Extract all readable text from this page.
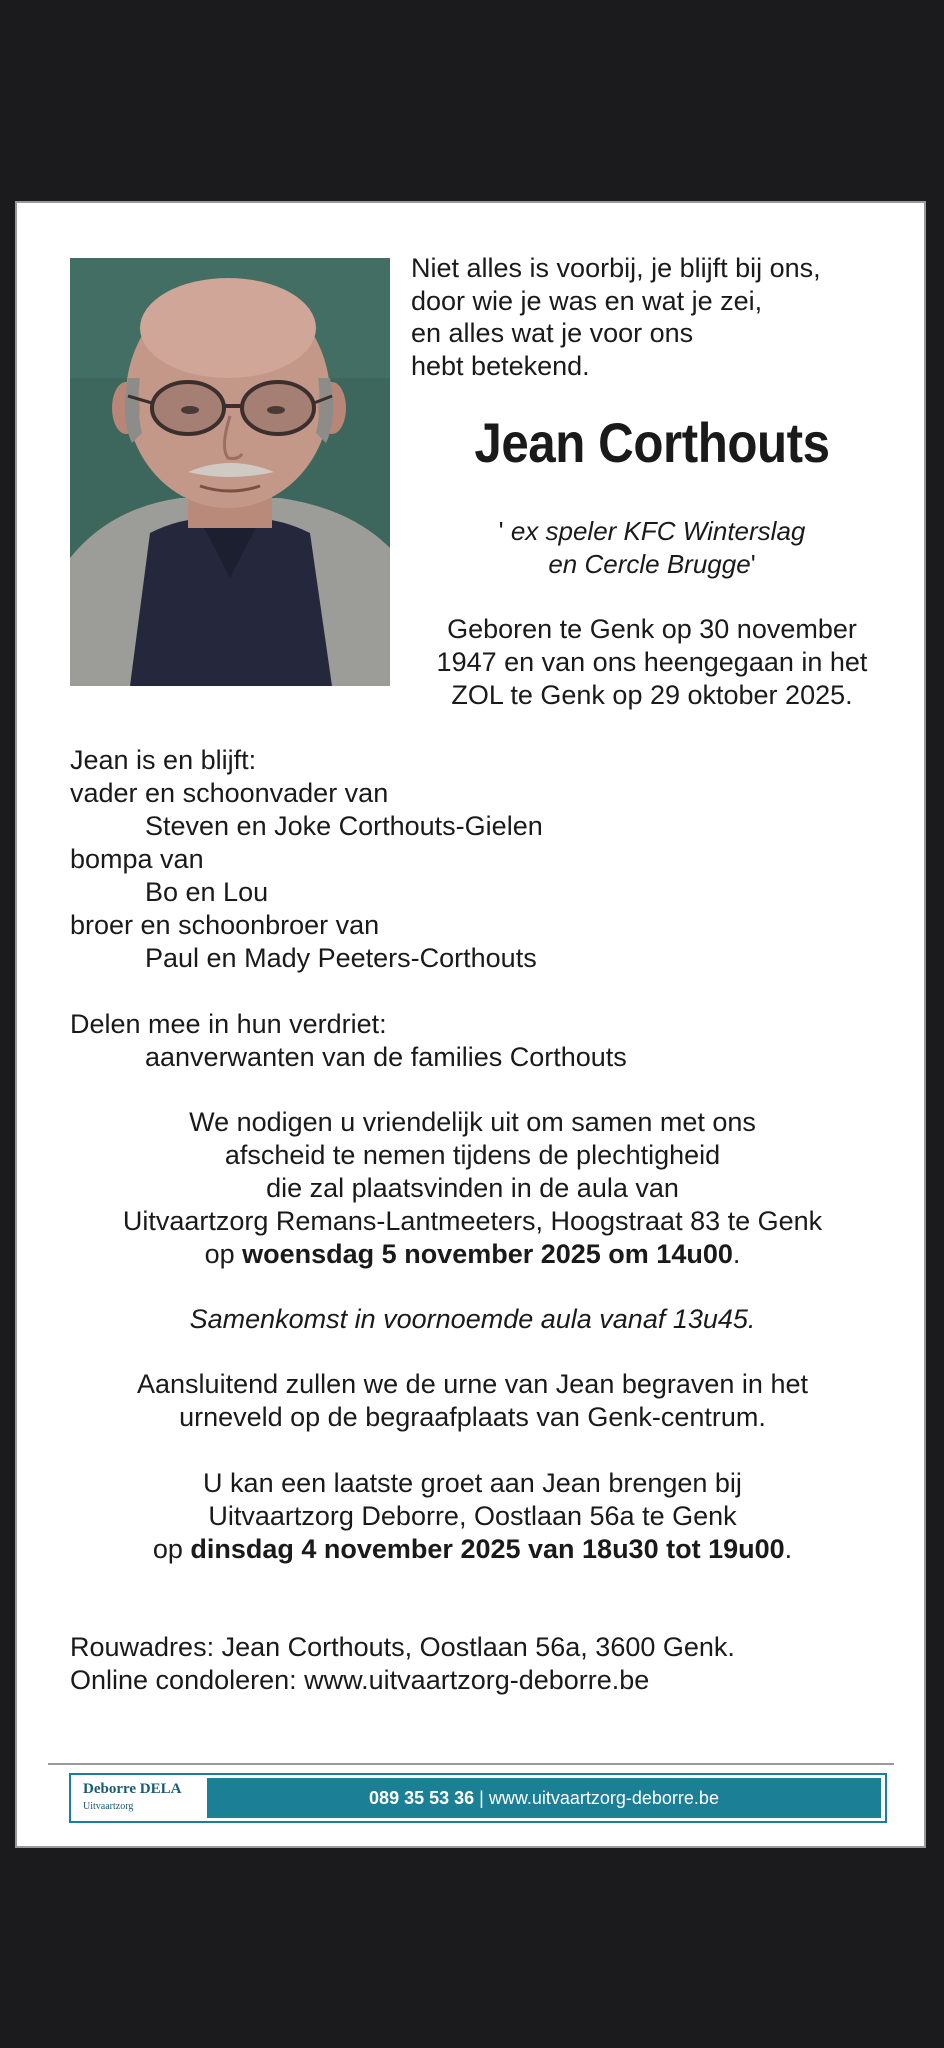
Niet alles is voorbij, je blijft bij ons,
door wie je was en wat je zei,
en alles wat je voor ons
hebt betekend.
Jean Corthouts
' ex speler KFC Winterslag
en Cercle Brugge'
Geboren te Genk op 30 november
1947 en van ons heengegaan in het
ZOL te Genk op 29 oktober 2025.
Jean is en blijft:
vader en schoonvader van
Steven en Joke Corthouts-Gielen
bompa van
Bo en Lou
broer en schoonbroer van
Paul en Mady Peeters-Corthouts
Delen mee in hun verdriet:
aanverwanten van de families Corthouts
We nodigen u vriendelijk uit om samen met ons
afscheid te nemen tijdens de plechtigheid
die zal plaatsvinden in de aula van
Uitvaartzorg Remans-Lantmeeters, Hoogstraat 83 te Genk
op woensdag 5 november 2025 om 14u00.
Samenkomst in voornoemde aula vanaf 13u45.
Aansluitend zullen we de urne van Jean begraven in het
urneveld op de begraafplaats van Genk-centrum.
U kan een laatste groet aan Jean brengen bij
Uitvaartzorg Deborre, Oostlaan 56a te Genk
op dinsdag 4 november 2025 van 18u30 tot 19u00.
Rouwadres: Jean Corthouts, Oostlaan 56a, 3600 Genk.
Online condoleren: www.uitvaartzorg-deborre.be
Deborre DELA
Uitvaartzorg	089 35 53 36 | www.uitvaartzorg-deborre.be
